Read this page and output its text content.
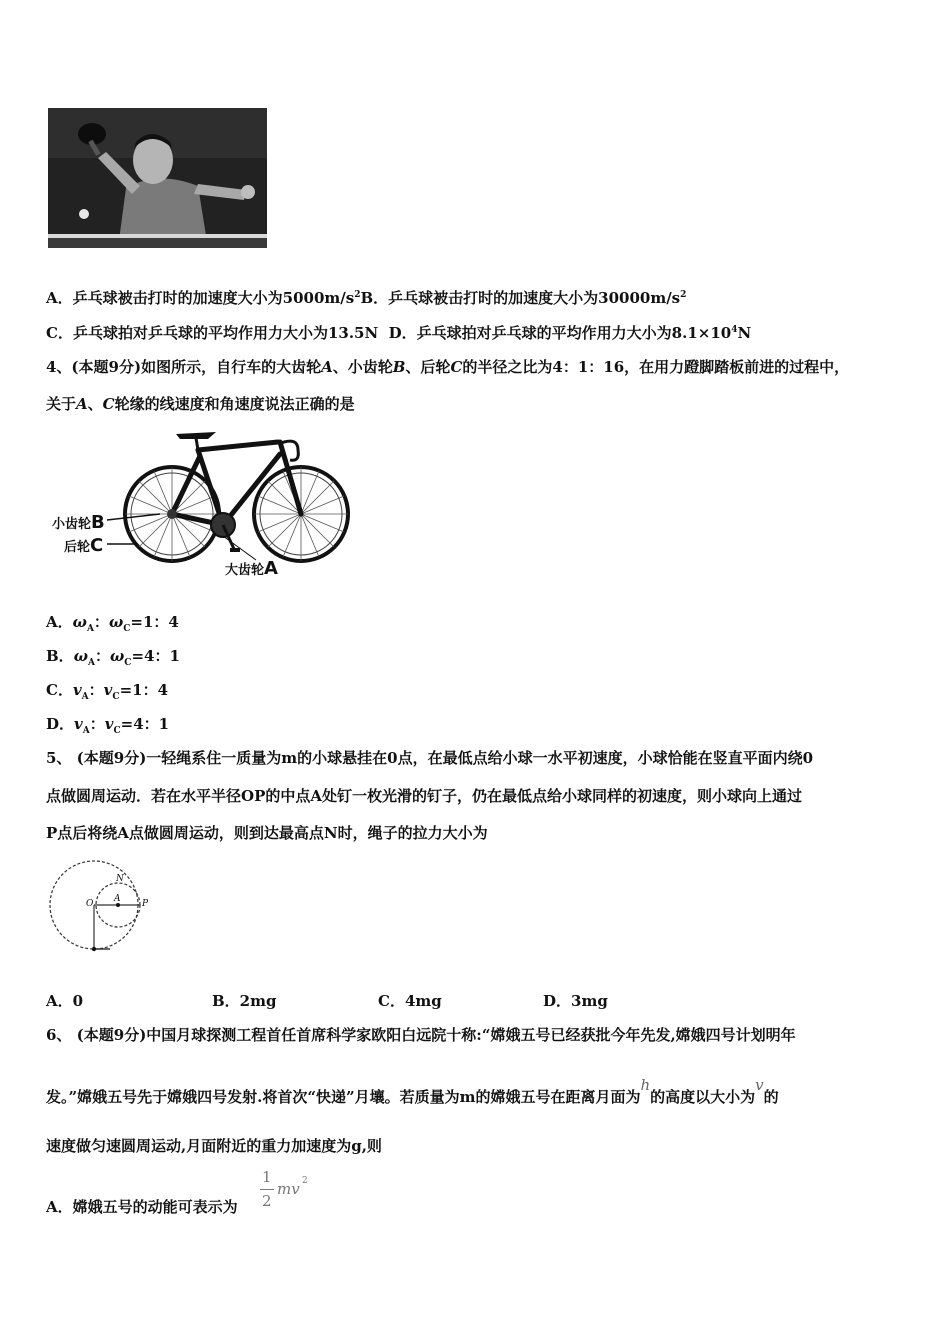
A．乒乓球被击打时的加速度大小为$5000m/s^2B$．乒乓球被击打时的加速度大小为$30000m/s^2$
C．乒乓球拍对乒乓球的平均作用力大小为13.5N D．乒乓球拍对乒乓球的平均作用力大小为$8.1\times 10^4N$
4、(本题9分)如图所示，自行车的大齿轮A、小齿轮B、后轮C的半径之比为4：1：16，在用力蹬脚踏板前进的过程中，
关于A、C轮缘的线速度和角速度说法正确的是
小齿轮B
后轮C
大齿轮A
A．$\omega_A$：$\omega_C=1$：4
B．$\omega_A$：$\omega_C=4$：1
C．$v_A$：$v_C=1$：4
D．$v_A$：$v_C=4$：1
5、 (本题9分)一轻绳系住一质量为m的小球悬挂在0点，在最低点给小球一水平初速度，小球恰能在竖直平面内绕0
点做圆周运动．若在水平半径OP的中点A处钉一枚光滑的钉子，仍在最低点给小球同样的初速度，则小球向上通过
P点后将绕A点做圆周运动，则到达最高点N时，绳子的拉力大小为
O A P
N
A．0	B．2mg	C．4mg	D．3mg
6、 (本题9分)中国月球探测工程首任首席科学家欧阳白远院十称:“嫦娥五号已经获批今年先发,嫦娥四号计划明年
发。”嫦娥五号先于嫦娥四号发射.将首次“快递”月壤。若质量为m的嫦娥五号在距离月面为h的高度以大小为v的
速度做匀速圆周运动,月面附近的重力加速度为g,则
A．嫦娥五号的动能可表示为
1
2
mv 2
